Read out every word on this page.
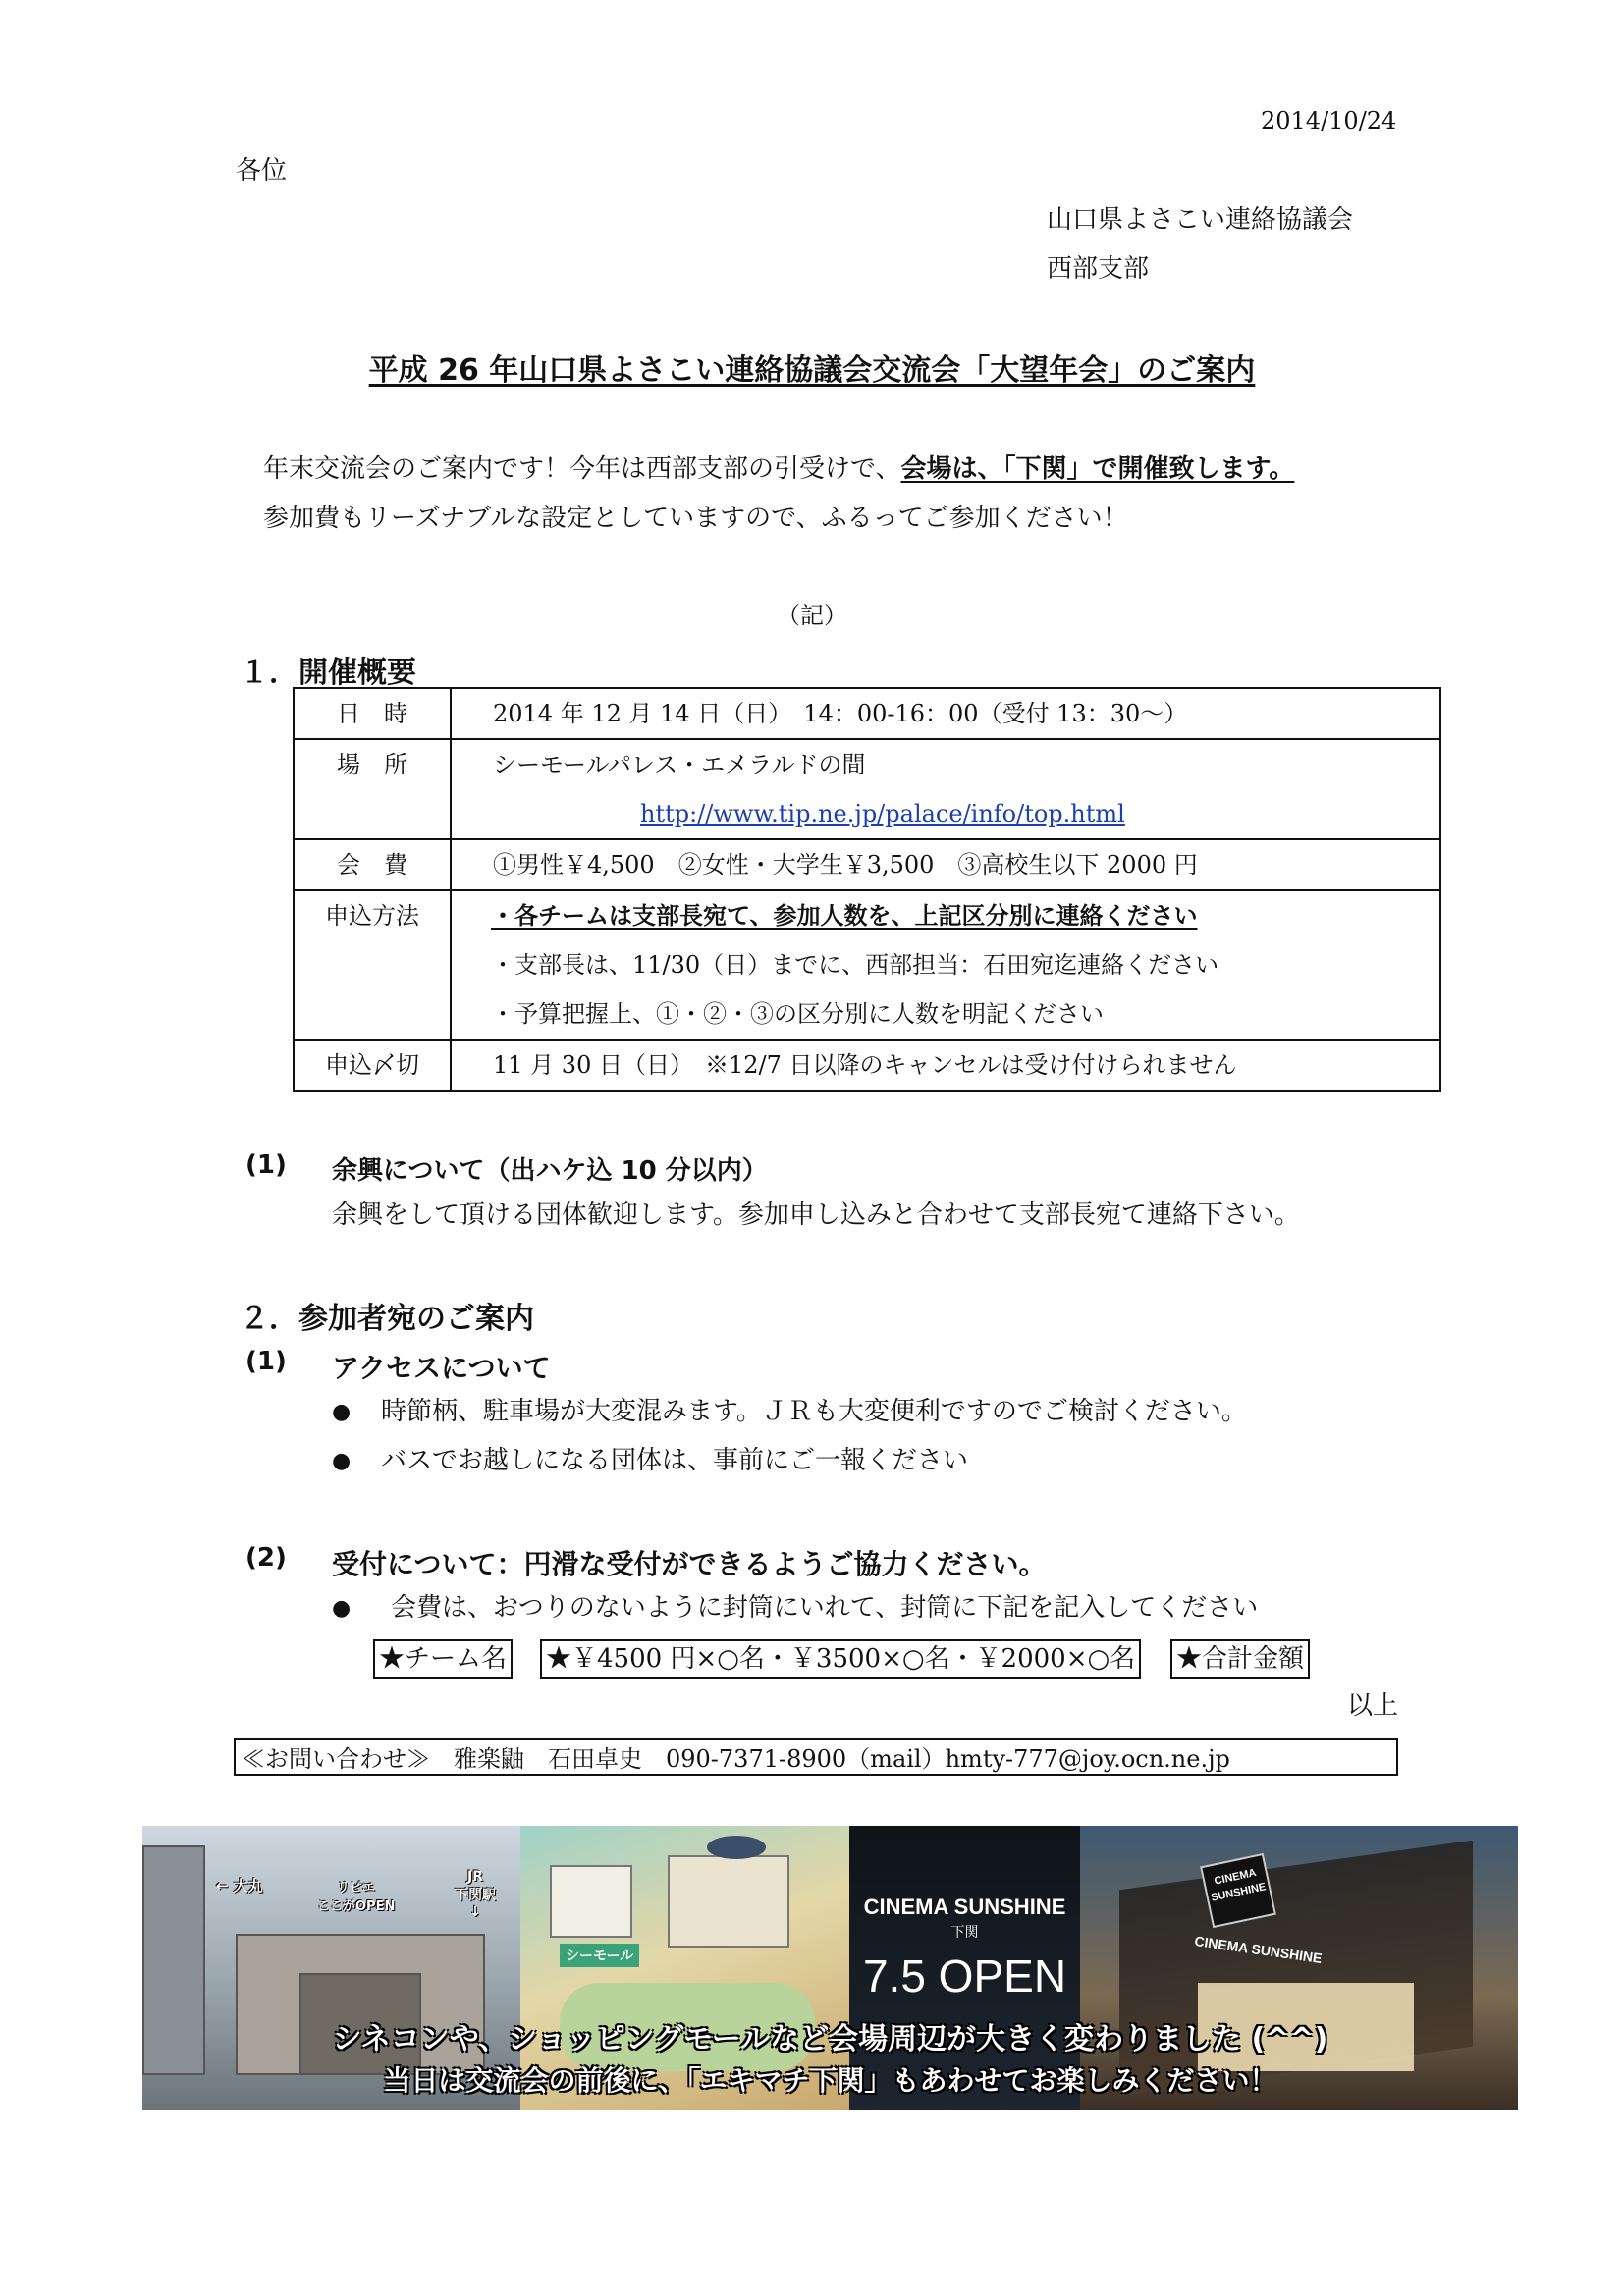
2014/10/24
各位
山口県よさこい連絡協議会
西部支部
平成 26 年山口県よさこい連絡協議会交流会「大望年会」のご案内
年末交流会のご案内です！今年は西部支部の引受けで、会場は、「下関」で開催致します。
参加費もリーズナブルな設定としていますので、ふるってご参加ください！
（記）
１．開催概要
日　時	2014 年 12 月 14 日（日）　14：00-16：00（受付 13：30～）

場　所	シーモールパレス・エメラルドの間
http://www.tip.ne.jp/palace/info/top.html

会　費	①男性￥4,500　②女性・大学生￥3,500　③高校生以下 2000 円

申込方法	・各チームは支部長宛て、参加人数を、上記区分別に連絡ください
・支部長は、11/30（日）までに、西部担当：石田宛迄連絡ください
・予算把握上、①・②・③の区分別に人数を明記ください

申込〆切	11 月 30 日（日）　※12/7 日以降のキャンセルは受け付けられません
(1) 余興について（出ハケ込 10 分以内）
余興をして頂ける団体歓迎します。参加申し込みと合わせて支部長宛て連絡下さい。
２．参加者宛のご案内
(1) アクセスについて
● 時節柄、駐車場が大変混みます。ＪＲも大変便利ですのでご検討ください。
● バスでお越しになる団体は、事前にご一報ください
(2) 受付について：円滑な受付ができるようご協力ください。
● 会費は、おつりのないように封筒にいれて、封筒に下記を記入してください
★チーム名 ★￥4500 円×○名・￥3500×○名・￥2000×○名 ★合計金額
以上
≪お問い合わせ≫　雅楽鼬　石田卓史　090-7371-8900（mail）hmty-777@joy.ocn.ne.jp
← 大丸	リピエ
ここがOPEN
JR
下関駅
↓
シーモール
CINEMA SUNSHINE
下関
7.5 OPEN
CINEMA
SUNSHINE
CINEMA SUNSHINE
シネコンや、ショッピングモールなど会場周辺が大きく変わりました (^^)
当日は交流会の前後に、「エキマチ下関」もあわせてお楽しみください！
